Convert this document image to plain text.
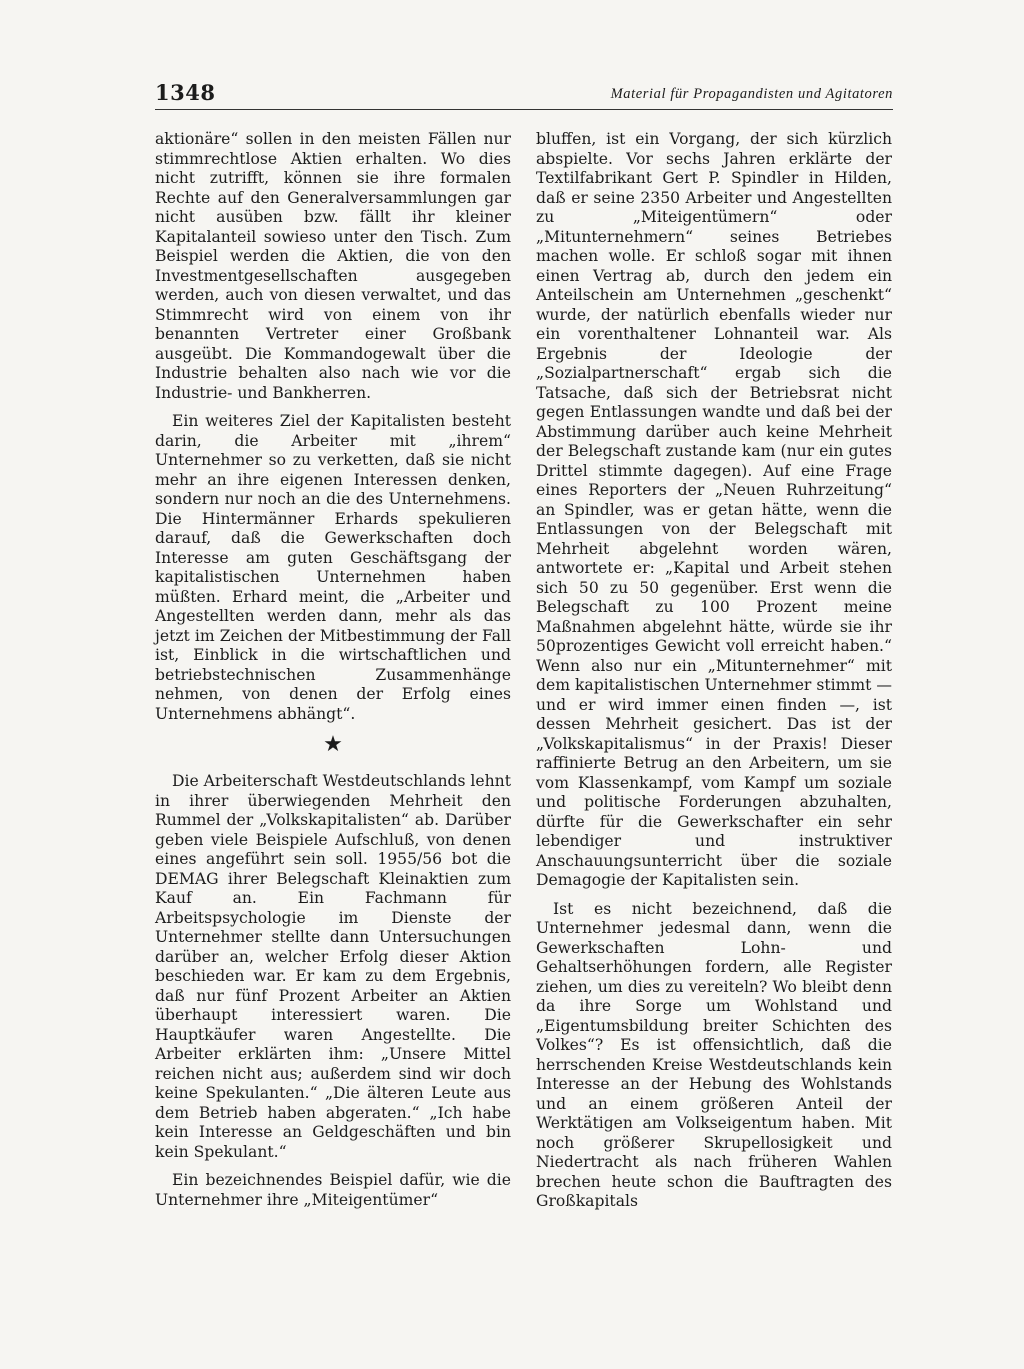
1348	Material für Propagandisten und Agitatoren

aktionäre“ sollen in den meisten Fällen nur stimmrechtlose Aktien erhalten. Wo dies nicht zutrifft, können sie ihre formalen Rechte auf den Generalversammlungen gar nicht ausüben bzw. fällt ihr kleiner Kapitalanteil sowieso unter den Tisch. Zum Beispiel werden die Aktien, die von den Investmentgesellschaften ausgegeben werden, auch von diesen verwaltet, und das Stimmrecht wird von einem von ihr benannten Vertreter einer Großbank ausgeübt. Die Kommandogewalt über die Industrie behalten also nach wie vor die Industrie- und Bankherren.

Ein weiteres Ziel der Kapitalisten besteht darin, die Arbeiter mit „ihrem“ Unternehmer so zu verketten, daß sie nicht mehr an ihre eigenen Interessen denken, sondern nur noch an die des Unternehmens. Die Hintermänner Erhards spekulieren darauf, daß die Gewerkschaften doch Interesse am guten Geschäftsgang der kapitalistischen Unternehmen haben müßten. Erhard meint, die „Arbeiter und Angestellten werden dann, mehr als das jetzt im Zeichen der Mitbestimmung der Fall ist, Einblick in die wirtschaftlichen und betriebstechnischen Zusammenhänge nehmen, von denen der Erfolg eines Unternehmens abhängt“.

★

Die Arbeiterschaft Westdeutschlands lehnt in ihrer überwiegenden Mehrheit den Rummel der „Volkskapitalisten“ ab. Darüber geben viele Beispiele Aufschluß, von denen eines angeführt sein soll. 1955/56 bot die DEMAG ihrer Belegschaft Kleinaktien zum Kauf an. Ein Fachmann für Arbeitspsychologie im Dienste der Unternehmer stellte dann Untersuchungen darüber an, welcher Erfolg dieser Aktion beschieden war. Er kam zu dem Ergebnis, daß nur fünf Prozent Arbeiter an Aktien überhaupt interessiert waren. Die Hauptkäufer waren Angestellte. Die Arbeiter erklärten ihm: „Unsere Mittel reichen nicht aus; außerdem sind wir doch keine Spekulanten.“ „Die älteren Leute aus dem Betrieb haben abgeraten.“ „Ich habe kein Interesse an Geldgeschäften und bin kein Spekulant.“

Ein bezeichnendes Beispiel dafür, wie die Unternehmer ihre „Miteigentümer“

bluffen, ist ein Vorgang, der sich kürzlich abspielte. Vor sechs Jahren erklärte der Textilfabrikant Gert P. Spindler in Hilden, daß er seine 2350 Arbeiter und Angestellten zu „Miteigentümern“ oder „Mitunternehmern“ seines Betriebes machen wolle. Er schloß sogar mit ihnen einen Vertrag ab, durch den jedem ein Anteilschein am Unternehmen „geschenkt“ wurde, der natürlich ebenfalls wieder nur ein vorenthaltener Lohnanteil war. Als Ergebnis der Ideologie der „Sozialpartnerschaft“ ergab sich die Tatsache, daß sich der Betriebsrat nicht gegen Entlassungen wandte und daß bei der Abstimmung darüber auch keine Mehrheit der Belegschaft zustande kam (nur ein gutes Drittel stimmte dagegen). Auf eine Frage eines Reporters der „Neuen Ruhrzeitung“ an Spindler, was er getan hätte, wenn die Entlassungen von der Belegschaft mit Mehrheit abgelehnt worden wären, antwortete er: „Kapital und Arbeit stehen sich 50 zu 50 gegenüber. Erst wenn die Belegschaft zu 100 Prozent meine Maßnahmen abgelehnt hätte, würde sie ihr 50prozentiges Gewicht voll erreicht haben.“ Wenn also nur ein „Mitunternehmer“ mit dem kapitalistischen Unternehmer stimmt — und er wird immer einen finden —, ist dessen Mehrheit gesichert. Das ist der „Volkskapitalismus“ in der Praxis! Dieser raffinierte Betrug an den Arbeitern, um sie vom Klassenkampf, vom Kampf um soziale und politische Forderungen abzuhalten, dürfte für die Gewerkschafter ein sehr lebendiger und instruktiver Anschauungsunterricht über die soziale Demagogie der Kapitalisten sein.

Ist es nicht bezeichnend, daß die Unternehmer jedesmal dann, wenn die Gewerkschaften Lohn- und Gehaltserhöhungen fordern, alle Register ziehen, um dies zu vereiteln? Wo bleibt denn da ihre Sorge um Wohlstand und „Eigentumsbildung breiter Schichten des Volkes“? Es ist offensichtlich, daß die herrschenden Kreise Westdeutschlands kein Interesse an der Hebung des Wohlstands und an einem größeren Anteil der Werktätigen am Volkseigentum haben. Mit noch größerer Skrupellosigkeit und Niedertracht als nach früheren Wahlen brechen heute schon die Bauftragten des Großkapitals
